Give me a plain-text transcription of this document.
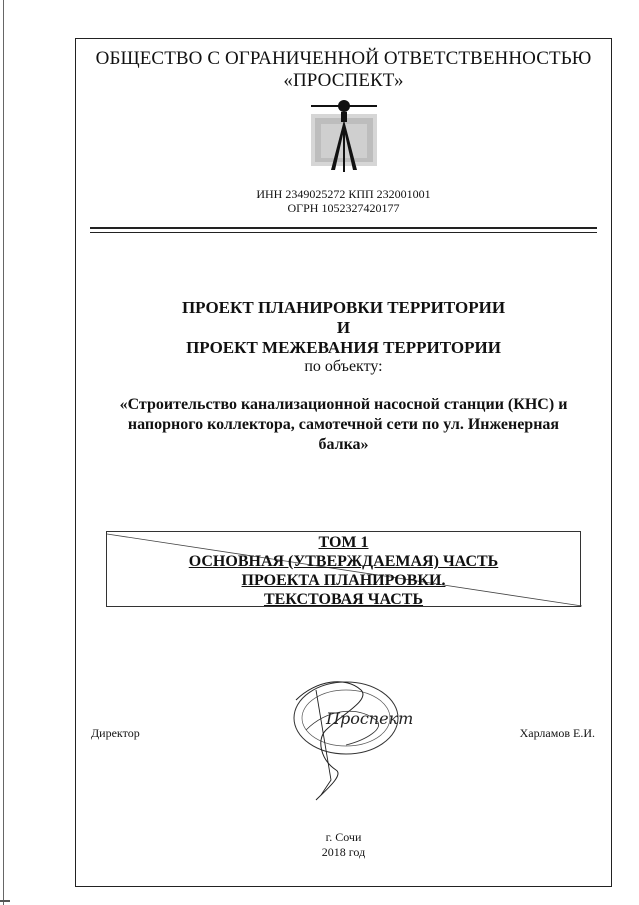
ОБЩЕСТВО С ОГРАНИЧЕННОЙ ОТВЕТСТВЕННОСТЬЮ
«ПРОСПЕКТ»
ИНН 2349025272 КПП 232001001
ОГРН 1052327420177
ПРОЕКТ ПЛАНИРОВКИ ТЕРРИТОРИИ
И
ПРОЕКТ МЕЖЕВАНИЯ ТЕРРИТОРИИ
по объекту:
«Строительство канализационной насосной станции (КНС) и
напорного коллектора, самотечной сети по ул. Инженерная
балка»
ТОМ 1
ОСНОВНАЯ (УТВЕРЖДАЕМАЯ) ЧАСТЬ
ПРОЕКТА ПЛАНИРОВКИ.
ТЕКСТОВАЯ ЧАСТЬ
Директор	Харламов Е.И.
Проспект
г. Сочи
2018 год
